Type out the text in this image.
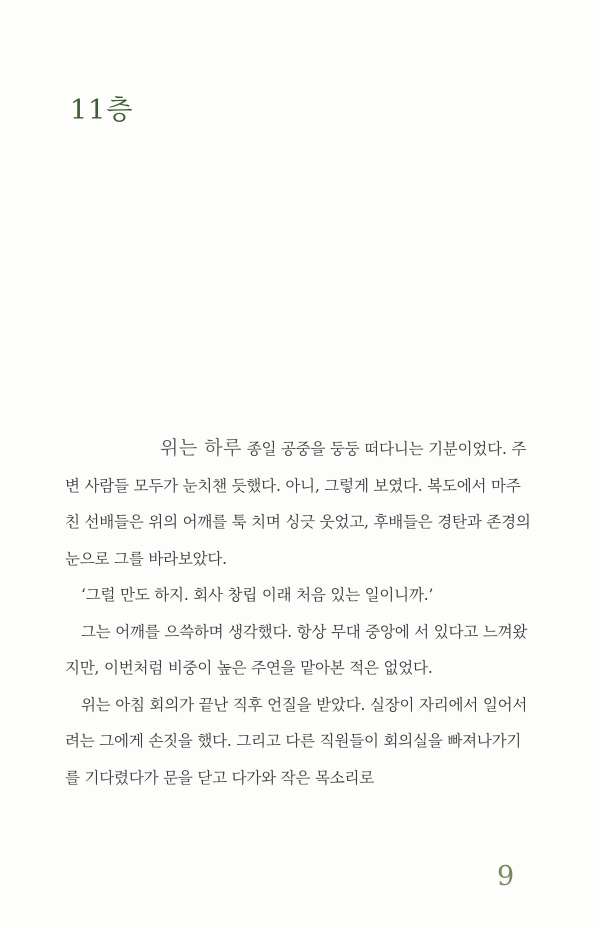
11층

위는 하루 종일 공중을 둥둥 떠다니는 기분이었다. 주변 사람들 모두가 눈치챈 듯했다. 아니, 그렇게 보였다. 복도에서 마주친 선배들은 위의 어깨를 툭 치며 싱긋 웃었고, 후배들은 경탄과 존경의 눈으로 그를 바라보았다.

‘그럴 만도 하지. 회사 창립 이래 처음 있는 일이니까.’

그는 어깨를 으쓱하며 생각했다. 항상 무대 중앙에 서 있다고 느껴왔지만, 이번처럼 비중이 높은 주연을 맡아본 적은 없었다.

위는 아침 회의가 끝난 직후 언질을 받았다. 실장이 자리에서 일어서려는 그에게 손짓을 했다. 그리고 다른 직원들이 회의실을 빠져나가기를 기다렸다가 문을 닫고 다가와 작은 목소리로

9
